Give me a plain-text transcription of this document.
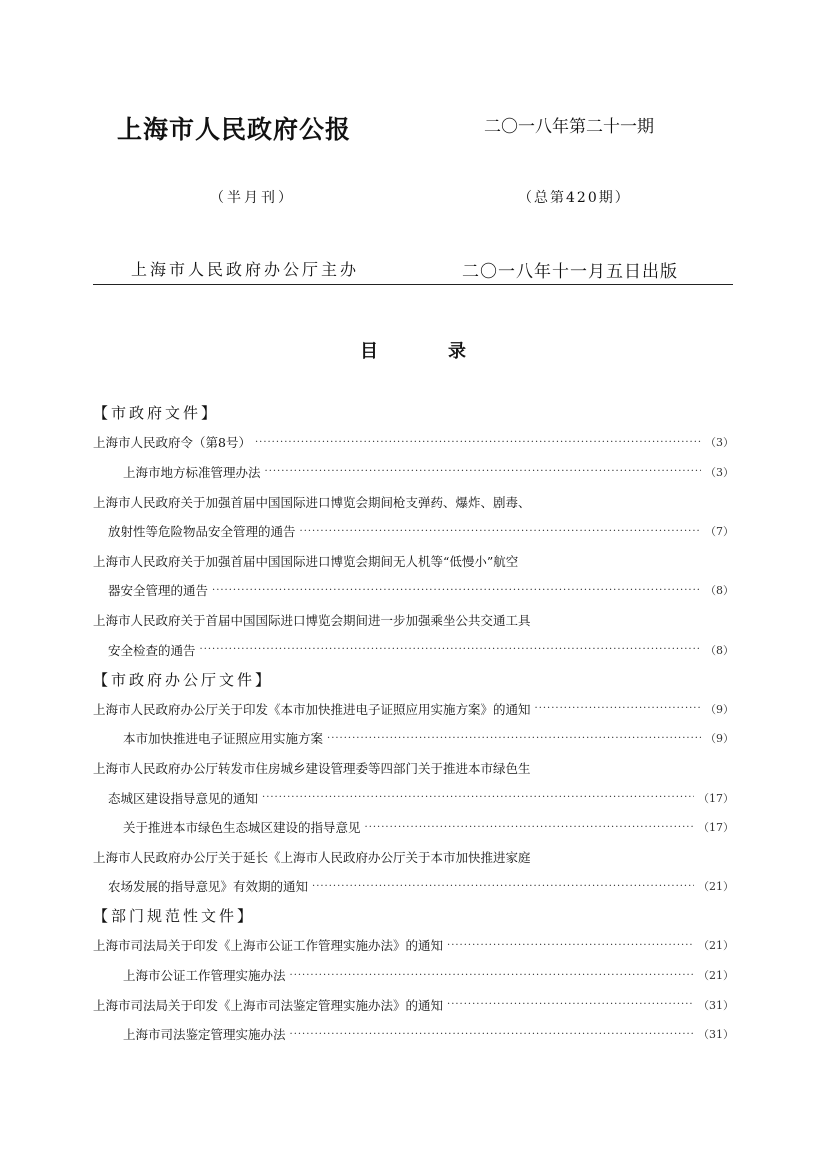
上海市人民政府公报	二〇一八年第二十一期
（半月刊）	（总第420期）
上海市人民政府办公厅主办	二〇一八年十一月五日出版
目	录
【市政府文件】
上海市人民政府令（第8号） ·····	（3）
上海市地方标准管理办法 ·····	（3）
上海市人民政府关于加强首届中国国际进口博览会期间枪支弹药、爆炸、剧毒、
放射性等危险物品安全管理的通告 ·····	（7）
上海市人民政府关于加强首届中国国际进口博览会期间无人机等“低慢小”航空
器安全管理的通告 ·····	（8）
上海市人民政府关于首届中国国际进口博览会期间进一步加强乘坐公共交通工具
安全检查的通告 ·····	（8）
【市政府办公厅文件】
上海市人民政府办公厅关于印发《本市加快推进电子证照应用实施方案》的通知 ·····	（9）
本市加快推进电子证照应用实施方案 ·····	（9）
上海市人民政府办公厅转发市住房城乡建设管理委等四部门关于推进本市绿色生
态城区建设指导意见的通知 ·····	（17）
关于推进本市绿色生态城区建设的指导意见 ·····	（17）
上海市人民政府办公厅关于延长《上海市人民政府办公厅关于本市加快推进家庭
农场发展的指导意见》有效期的通知 ·····	（21）
【部门规范性文件】
上海市司法局关于印发《上海市公证工作管理实施办法》的通知 ·····	（21）
上海市公证工作管理实施办法 ·····	（21）
上海市司法局关于印发《上海市司法鉴定管理实施办法》的通知 ·····	（31）
上海市司法鉴定管理实施办法 ·····	（31）
